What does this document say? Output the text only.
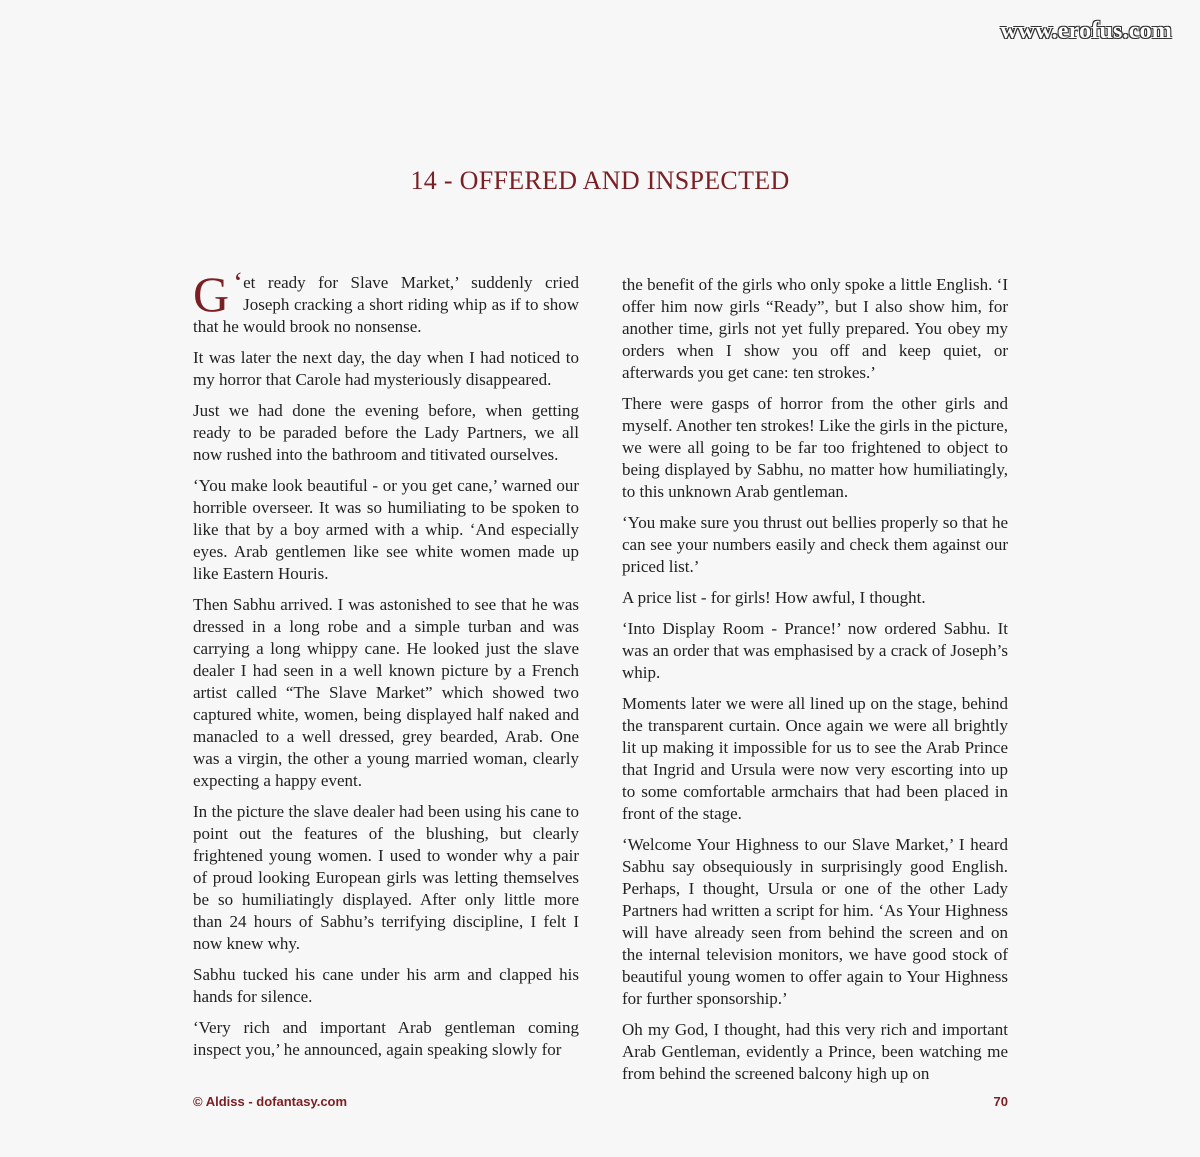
www.erofus.com
14 - OFFERED AND INSPECTED

‘
G et ready for Slave Market,’ suddenly cried Joseph cracking a short riding whip as if to show that he would brook no nonsense.

It was later the next day, the day when I had noticed to my horror that Carole had mysteriously disappeared.

Just we had done the evening before, when getting ready to be paraded before the Lady Partners, we all now rushed into the bathroom and titivated ourselves.

‘You make look beautiful - or you get cane,’ warned our horrible overseer. It was so humiliating to be spoken to like that by a boy armed with a whip. ‘And especially eyes. Arab gentlemen like see white women made up like Eastern Houris.

Then Sabhu arrived. I was astonished to see that he was dressed in a long robe and a simple turban and was carrying a long whippy cane. He looked just the slave dealer I had seen in a well known picture by a French artist called “The Slave Market” which showed two captured white, women, being displayed half naked and manacled to a well dressed, grey bearded, Arab. One was a virgin, the other a young married woman, clearly expecting a happy event.

In the picture the slave dealer had been using his cane to point out the features of the blushing, but clearly frightened young women. I used to wonder why a pair of proud looking European girls was letting themselves be so humiliatingly displayed. After only little more than 24 hours of Sabhu’s terrifying discipline, I felt I now knew why.

Sabhu tucked his cane under his arm and clapped his hands for silence.

‘Very rich and important Arab gentleman coming inspect you,’ he announced, again speaking slowly for

the benefit of the girls who only spoke a little English. ‘I offer him now girls “Ready”, but I also show him, for another time, girls not yet fully prepared. You obey my orders when I show you off and keep quiet, or afterwards you get cane: ten strokes.’

There were gasps of horror from the other girls and myself. Another ten strokes! Like the girls in the picture, we were all going to be far too frightened to object to being displayed by Sabhu, no matter how humiliatingly, to this unknown Arab gentleman.

‘You make sure you thrust out bellies properly so that he can see your numbers easily and check them against our priced list.’

A price list - for girls! How awful, I thought.

‘Into Display Room - Prance!’ now ordered Sabhu. It was an order that was emphasised by a crack of Joseph’s whip.

Moments later we were all lined up on the stage, behind the transparent curtain. Once again we were all brightly lit up making it impossible for us to see the Arab Prince that Ingrid and Ursula were now very escorting into up to some comfortable armchairs that had been placed in front of the stage.

‘Welcome Your Highness to our Slave Market,’ I heard Sabhu say obsequiously in surprisingly good English. Perhaps, I thought, Ursula or one of the other Lady Partners had written a script for him. ‘As Your Highness will have already seen from behind the screen and on the internal television monitors, we have good stock of beautiful young women to offer again to Your Highness for further sponsorship.’

Oh my God, I thought, had this very rich and important Arab Gentleman, evidently a Prince, been watching me from behind the screened balcony high up on

© Aldiss - dofantasy.com	70
